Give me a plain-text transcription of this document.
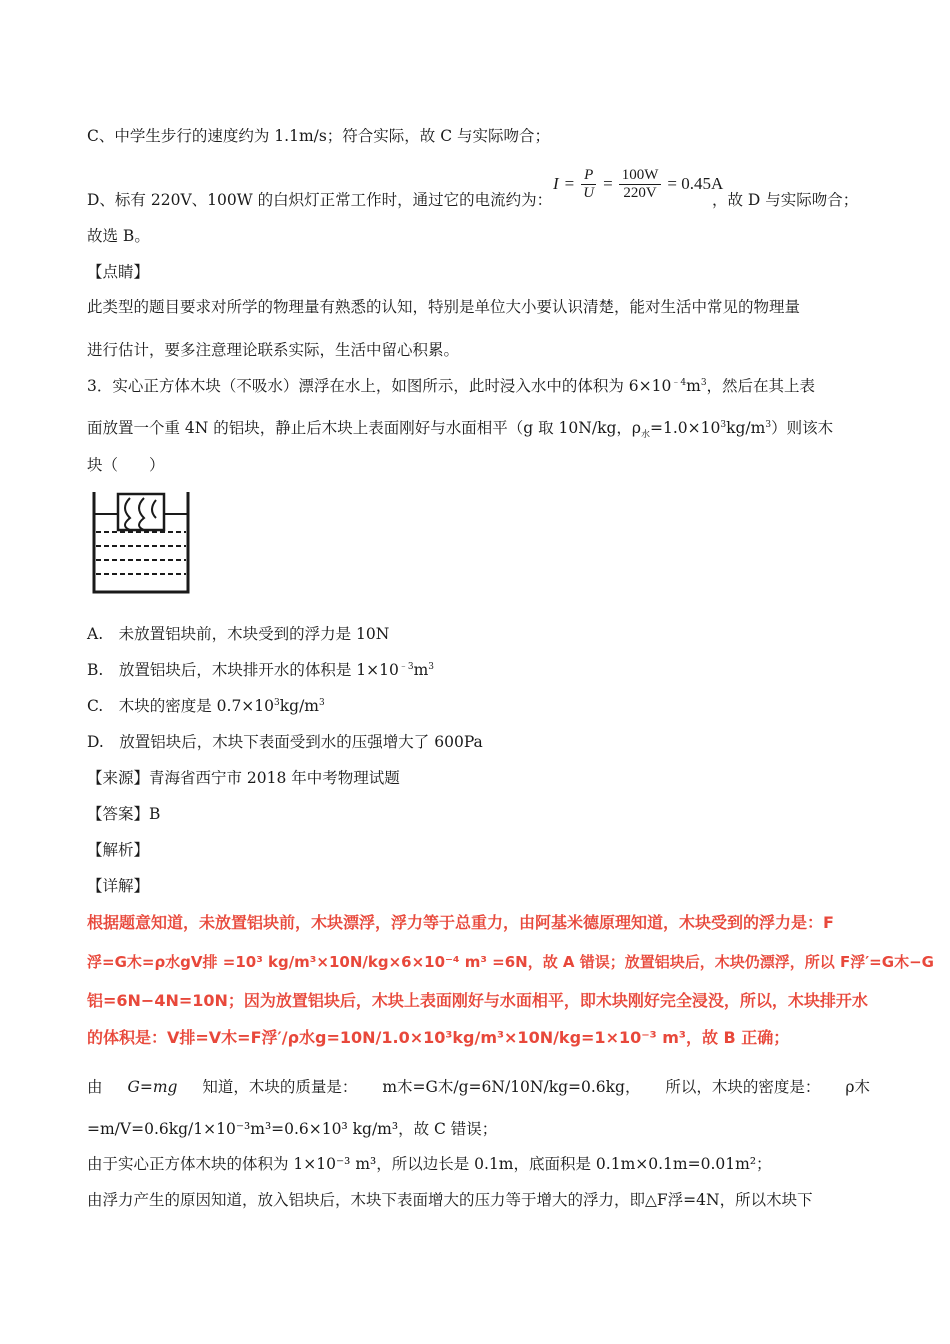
C、中学生步行的速度约为 1.1m/s；符合实际，故 C 与实际吻合；
D、标有 220V、100W 的白炽灯正常工作时，通过它的电流约为：	，故 D 与实际吻合；
$I = \frac{P}{U} = \frac{100W}{220V} = 0.45A$
故选 B。
【点睛】
此类型的题目要求对所学的物理量有熟悉的认知，特别是单位大小要认识清楚，能对生活中常见的物理量
进行估计，要多注意理论联系实际，生活中留心积累。
3．实心正方体木块（不吸水）漂浮在水上，如图所示，此时浸入水中的体积为 $6\times 10^{﹣4}m^3$，然后在其上表
面放置一个重 4N 的铝块，静止后木块上表面刚好与水面相平（g 取 10N/kg，$\rho_水=1.0\times 10^3kg/m^3$）则该木
块（　　）
A.　未放置铝块前，木块受到的浮力是 10N
B.　放置铝块后，木块排开水的体积是 $1\times 10^{﹣3}m^3$
C.　木块的密度是 $0.7\times 10^3kg/m^3$
D.　放置铝块后，木块下表面受到水的压强增大了 600Pa
【来源】青海省西宁市 2018 年中考物理试题
【答案】B
【解析】
【详解】
根据题意知道，未放置铝块前，木块漂浮，浮力等于总重力，由阿基米德原理知道，木块受到的浮力是：F
浮=G木=ρ水gV排 =10³ kg/m³×10N/kg×6×10⁻⁴ m³ =6N，故 A 错误；放置铝块后，木块仍漂浮，所以 F浮′=G木−G
铝=6N−4N=10N；因为放置铝块后，木块上表面刚好与水面相平，即木块刚好完全浸没，所以，木块排开水
的体积是：V排=V木=F浮′/ρ水g=10N/1.0×10³kg/m³×10N/kg=1×10⁻³ m³，故 B 正确；
由 G=mg 知道，木块的质量是： m木=G木/g=6N/10N/kg=0.6kg， 所以，木块的密度是： ρ木
=m/V=0.6kg/1×10⁻³m³=0.6×10³ kg/m³，故 C 错误；
由于实心正方体木块的体积为 1×10⁻³ m³，所以边长是 0.1m，底面积是 0.1m×0.1m=0.01m²；
由浮力产生的原因知道，放入铝块后，木块下表面增大的压力等于增大的浮力，即△F浮=4N，所以木块下
